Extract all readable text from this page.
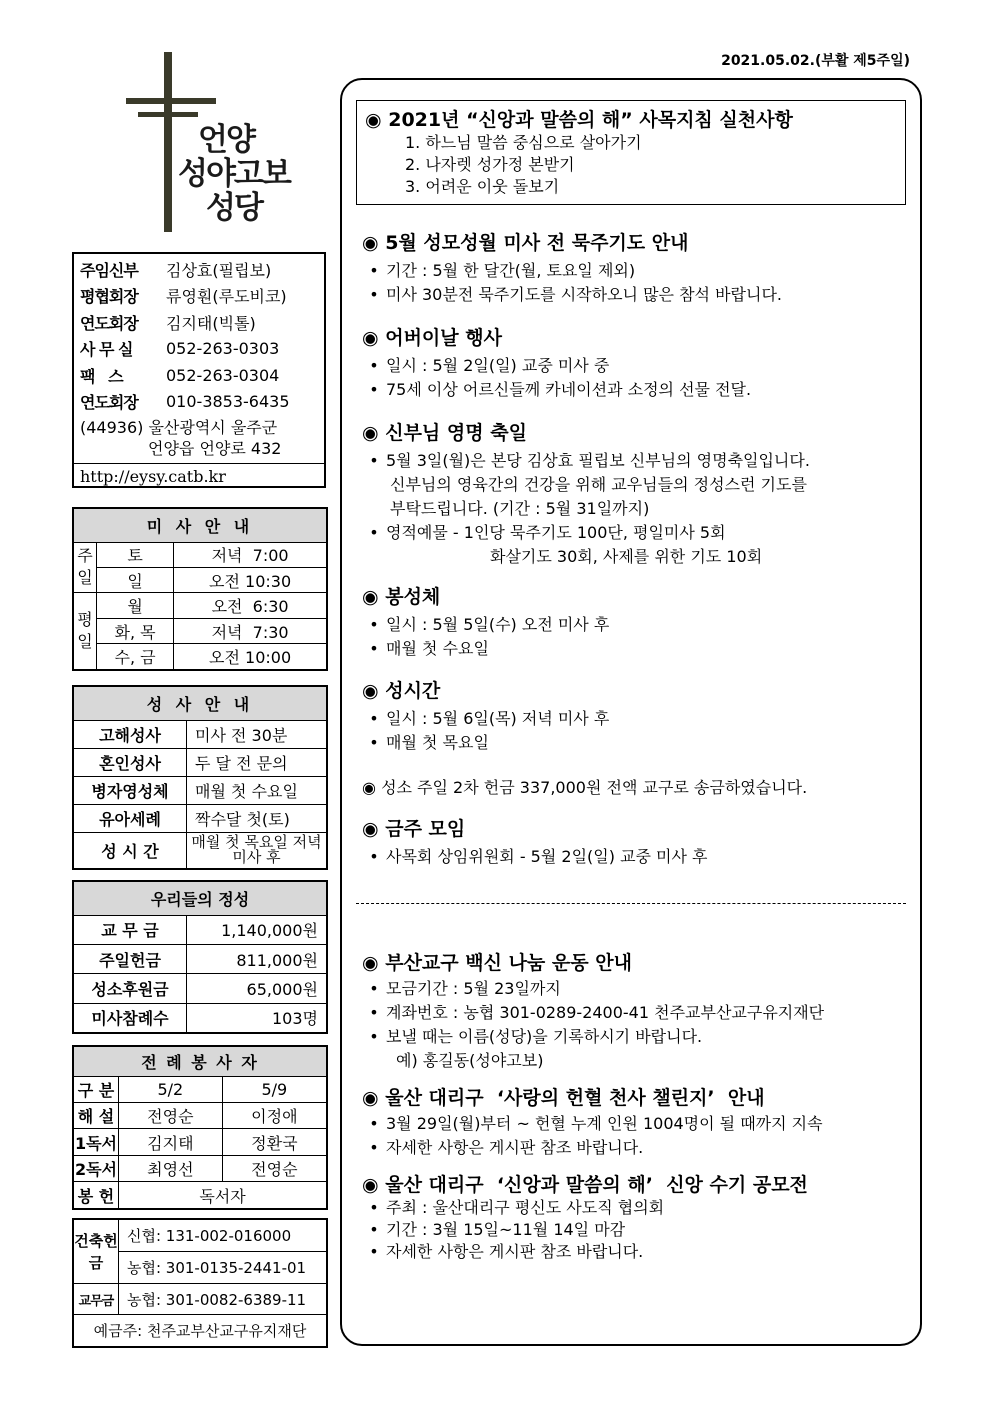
2021.05.02.(부활 제5주일)
언양
성야고보
성당
주임신부	김상효(필립보)
평협회장	류영훤(루도비코)
연도회장	김지태(빅톨)
사 무 실	052-263-0303
팩   스	052-263-0304
연도회장	010-3853-6435
(44936) 울산광역시 울주군
언양읍 언양로 432
http://eysy.catb.kr
미 사 안 내		
주일	토	저녁  7:00
	일	오전 10:30
평일	월	오전  6:30
	화, 목	저녁  7:30
	수, 금	오전 10:00
성 사 안 내	
고해성사	미사 전 30분
혼인성사	두 달 전 문의
병자영성체	매월 첫 수요일
유아세례	짝수달 첫(토)
성 시 간	매월 첫 목요일 저녁미사 후
우리들의 정성	
교 무 금	1,140,000원
주일헌금	811,000원
성소후원금	65,000원
미사참례수	103명
전 례 봉 사 자		
구 분	5/2	5/9
해 설	전영순	이정애
1독서	김지태	정환국
2독서	최영선	전영순
봉 헌	독서자	
건축헌금	신협: 131-002-016000
	농협: 301-0135-2441-01
교무금	농협: 301-0082-6389-11
예금주: 천주교부산교구유지재단	
◉ 2021년 “신앙과 말씀의 해” 사목지침 실천사항
1. 하느님 말씀 중심으로 살아가기
2. 나자렛 성가정 본받기
3. 어려운 이웃 돌보기
◉ 5월 성모성월 미사 전 묵주기도 안내
• 기간 : 5월 한 달간(월, 토요일 제외)
• 미사 30분전 묵주기도를 시작하오니 많은 참석 바랍니다.
◉ 어버이날 행사
• 일시 : 5월 2일(일) 교중 미사 중
• 75세 이상 어르신들께 카네이션과 소정의 선물 전달.
◉ 신부님 영명 축일
• 5월 3일(월)은 본당 김상효 필립보 신부님의 영명축일입니다.
신부님의 영육간의 건강을 위해 교우님들의 정성스런 기도를
부탁드립니다. (기간 : 5월 31일까지)
• 영적예물 - 1인당 묵주기도 100단, 평일미사 5회
화살기도 30회, 사제를 위한 기도 10회
◉ 봉성체
• 일시 : 5월 5일(수) 오전 미사 후
• 매월 첫 수요일
◉ 성시간
• 일시 : 5월 6일(목) 저녁 미사 후
• 매월 첫 목요일
◉ 성소 주일 2차 헌금 337,000원 전액 교구로 송금하였습니다.
◉ 금주 모임
• 사목회 상임위원회 - 5월 2일(일) 교중 미사 후
◉ 부산교구 백신 나눔 운동 안내
• 모금기간 : 5월 23일까지
• 계좌번호 : 농협 301-0289-2400-41 천주교부산교구유지재단
• 보낼 때는 이름(성당)을 기록하시기 바랍니다.
예) 홍길동(성야고보)
◉ 울산 대리구  ‘사랑의 헌혈 천사 챌린지’  안내
• 3월 29일(월)부터 ~ 헌혈 누계 인원 1004명이 될 때까지 지속
• 자세한 사항은 게시판 참조 바랍니다.
◉ 울산 대리구  ‘신앙과 말씀의 해’  신앙 수기 공모전
• 주최 : 울산대리구 평신도 사도직 협의회
• 기간 : 3월 15일~11월 14일 마감
• 자세한 사항은 게시판 참조 바랍니다.
